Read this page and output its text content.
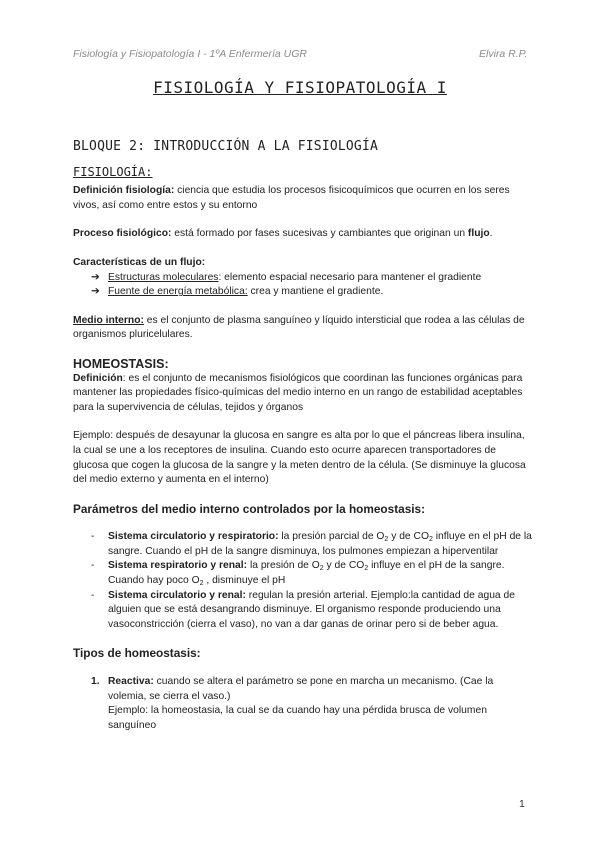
Fisiología y Fisiopatología I - 1ºA Enfermería UGR	Elvira R.P.
FISIOLOGÍA Y FISIOPATOLOGÍA I
BLOQUE 2: INTRODUCCIÓN A LA FISIOLOGÍA
FISIOLOGÍA:

Definición fisiología: ciencia que estudia los procesos fisicoquímicos que ocurren en los seres vivos, así como entre estos y su entorno

Proceso fisiológico: está formado por fases sucesivas y cambiantes que originan un flujo.

Características de un flujo:

➔ Estructuras moleculares: elemento espacial necesario para mantener el gradiente
➔ Fuente de energía metabólica: crea y mantiene el gradiente.

Medio interno: es el conjunto de plasma sanguíneo y líquido intersticial que rodea a las células de organismos pluricelulares.

HOMEOSTASIS:

Definición: es el conjunto de mecanismos fisiológicos que coordinan las funciones orgánicas para mantener las propiedades físico-químicas del medio interno en un rango de estabilidad aceptables para la supervivencia de células, tejidos y órganos

Ejemplo: después de desayunar la glucosa en sangre es alta por lo que el páncreas libera insulina, la cual se une a los receptores de insulina. Cuando esto ocurre aparecen transportadores de glucosa que cogen la glucosa de la sangre y la meten dentro de la célula. (Se disminuye la glucosa del medio externo y aumenta en el interno)

Parámetros del medio interno controlados por la homeostasis:
- Sistema circulatorio y respiratorio: la presión parcial de $O_2$ y de $CO_2$ influye en el pH de la sangre. Cuando el pH de la sangre disminuya, los pulmones empiezan a hiperventilar
- Sistema respiratorio y renal: la presión de $O_2$ y de $CO_2$ influye en el pH de la sangre. Cuando hay poco $O_2$ , disminuye el pH
- Sistema circulatorio y renal: regulan la presión arterial. Ejemplo:la cantidad de agua de alguien que se está desangrando disminuye. El organismo responde produciendo una vasoconstricción (cierra el vaso), no van a dar ganas de orinar pero si de beber agua.
Tipos de homeostasis:
1. Reactiva: cuando se altera el parámetro se pone en marcha un mecanismo. (Cae la volemia, se cierra el vaso.)
Ejemplo: la homeostasia, la cual se da cuando hay una pérdida brusca de volumen sanguíneo
1
